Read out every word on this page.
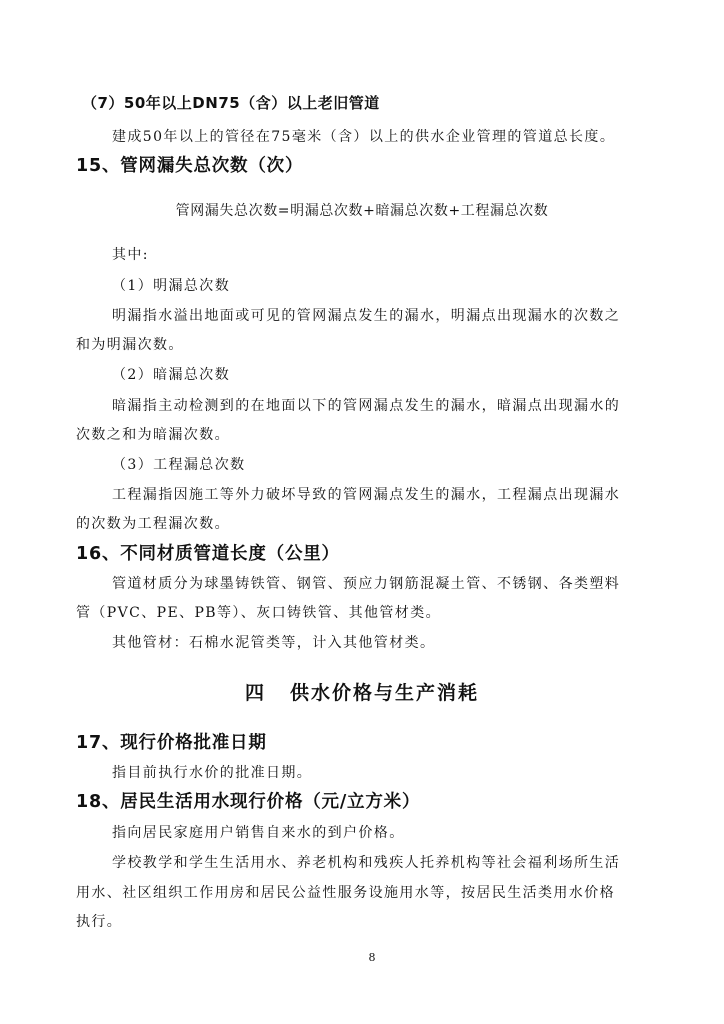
（7）50年以上DN75（含）以上老旧管道

建成50年以上的管径在75毫米（含）以上的供水企业管理的管道总长度。

15、管网漏失总次数（次）

管网漏失总次数=明漏总次数+暗漏总次数+工程漏总次数

其中:

（1）明漏总次数

明漏指水溢出地面或可见的管网漏点发生的漏水，明漏点出现漏水的次数之

和为明漏次数。

（2）暗漏总次数

暗漏指主动检测到的在地面以下的管网漏点发生的漏水，暗漏点出现漏水的

次数之和为暗漏次数。

（3）工程漏总次数

工程漏指因施工等外力破坏导致的管网漏点发生的漏水，工程漏点出现漏水

的次数为工程漏次数。

16、不同材质管道长度（公里）

管道材质分为球墨铸铁管、钢管、预应力钢筋混凝土管、不锈钢、各类塑料

管（PVC、PE、PB等）、灰口铸铁管、其他管材类。

其他管材：石棉水泥管类等，计入其他管材类。

四 供水价格与生产消耗

17、现行价格批准日期

指目前执行水价的批准日期。

18、居民生活用水现行价格（元/立方米）

指向居民家庭用户销售自来水的到户价格。

学校教学和学生生活用水、养老机构和残疾人托养机构等社会福利场所生活

用水、社区组织工作用房和居民公益性服务设施用水等，按居民生活类用水价格

执行。

8
